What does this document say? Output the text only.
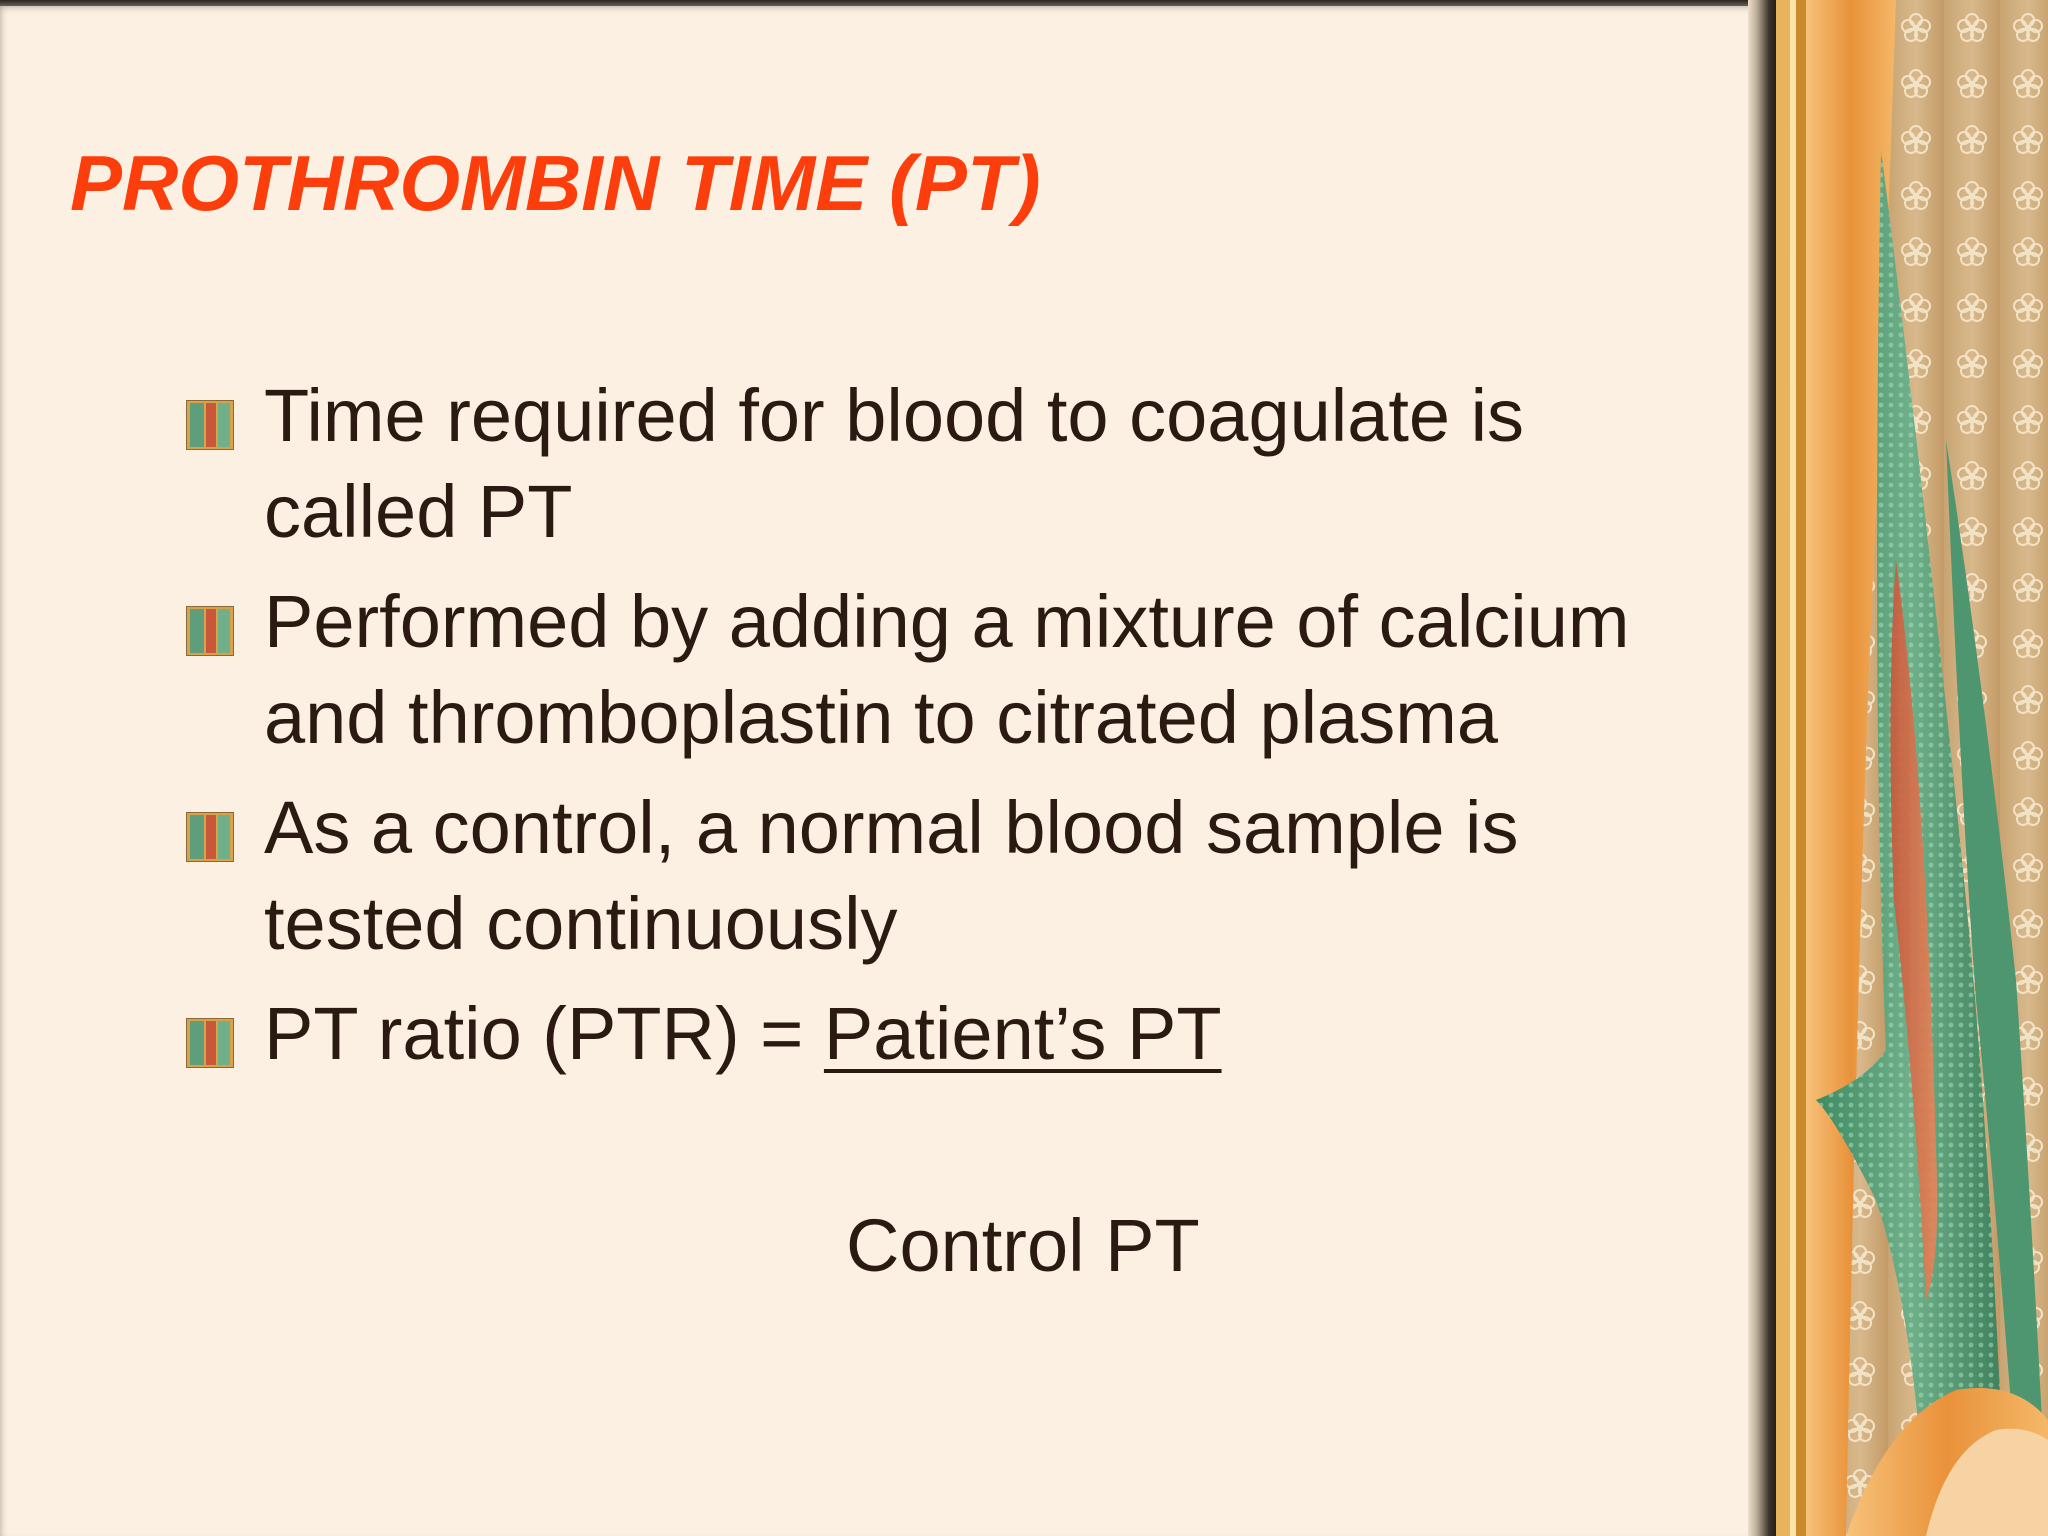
PROTHROMBIN TIME (PT)
Time required for blood to coagulate is called PT
Performed by adding a mixture of calcium and thromboplastin to citrated plasma
As a control, a normal blood sample is tested continuously
PT ratio (PTR) = Patient’s PT
Control PT
